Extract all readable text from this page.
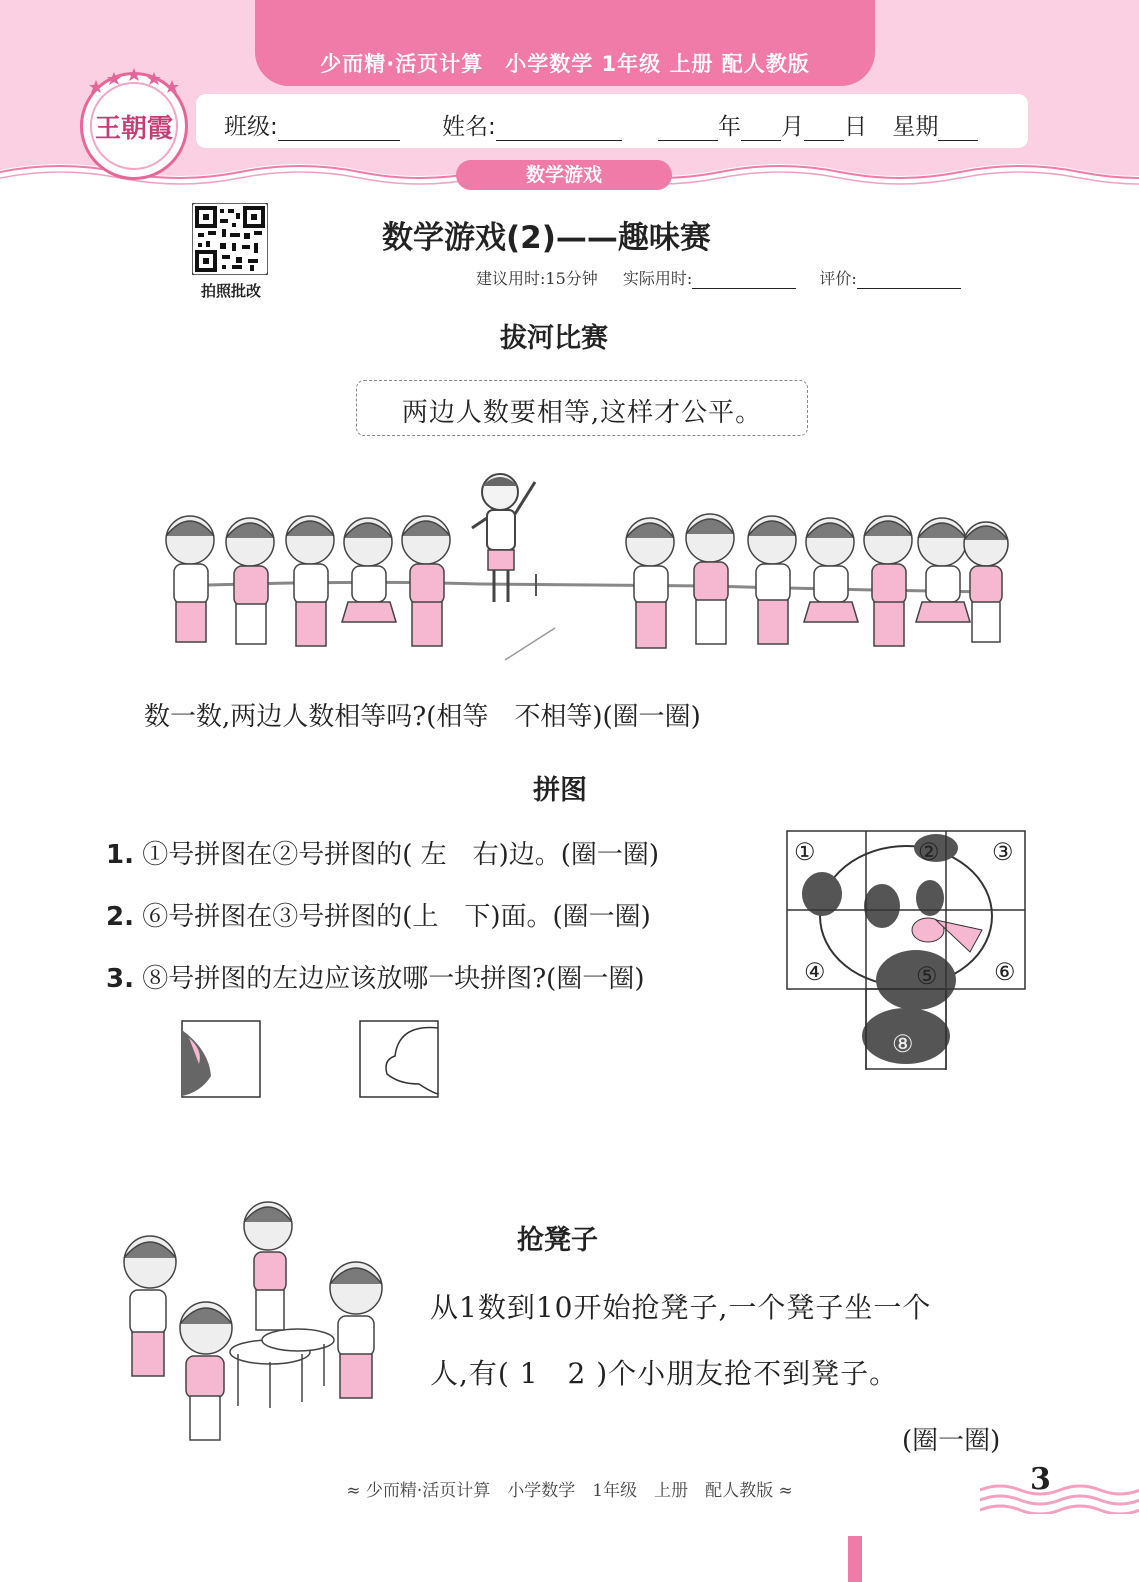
少而精·活页计算　小学数学 1年级 上册 配人教版
班级:	姓名:	年 月 日 星期
王朝霞
数学游戏
拍照批改
数学游戏(2)——趣味赛
建议用时:15分钟 实际用时:	评价:
拔河比赛
两边人数要相等,这样才公平。
数一数,两边人数相等吗?(相等　不相等)(圈一圈)
拼图
1. ①号拼图在②号拼图的( 左　右)边。(圈一圈)
2. ⑥号拼图在③号拼图的(上　下)面。(圈一圈)
3. ⑧号拼图的左边应该放哪一块拼图?(圈一圈)
①	② ③
④	⑤ ⑥
⑧
抢凳子
从1数到10开始抢凳子,一个凳子坐一个
人,有( 1　2 )个小朋友抢不到凳子。
(圈一圈)
≈ 少而精·活页计算　小学数学　1年级　上册　配人教版 ≈	3
